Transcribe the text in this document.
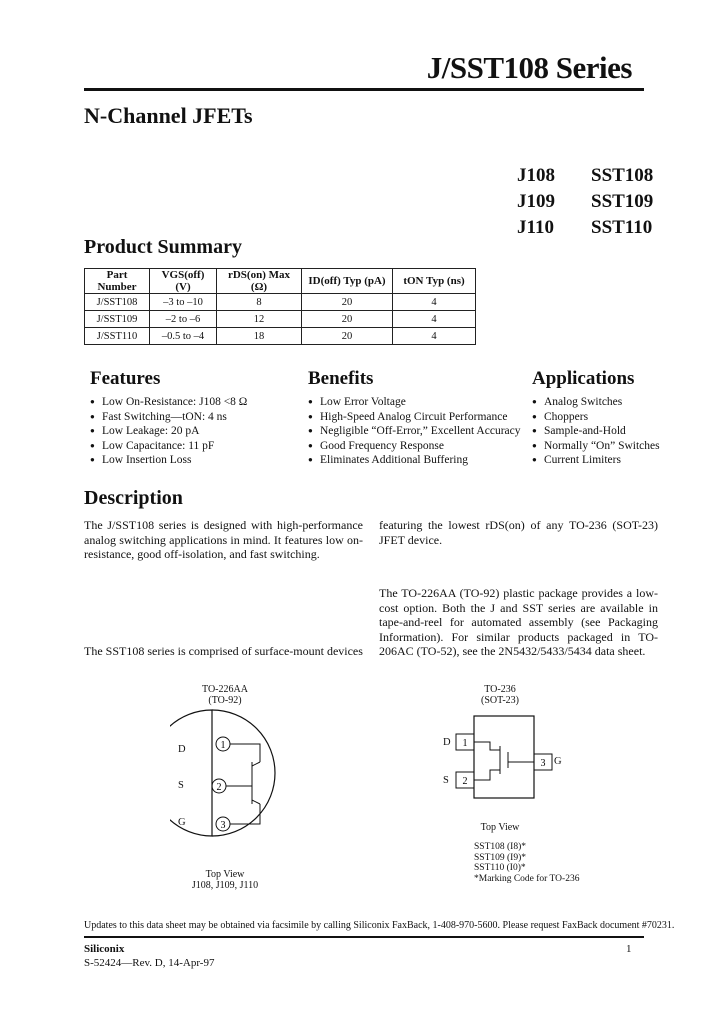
J/SST108 Series
N-Channel JFETs
J108	SST108
J109	SST109
J110	SST110
Product Summary
Part Number	VGS(off) (V)	rDS(on) Max (Ω)	ID(off) Typ (pA)	tON Typ (ns)
J/SST108	–3 to –10	8	20	4
J/SST109	–2 to –6	12	20	4
J/SST110	–0.5 to –4	18	20	4
Features
● Low On-Resistance: J108 <8 Ω
● Fast Switching—tON: 4 ns
● Low Leakage: 20 pA
● Low Capacitance: 11 pF
● Low Insertion Loss
Benefits
● Low Error Voltage
● High-Speed Analog Circuit Performance
● Negligible “Off-Error,” Excellent Accuracy
● Good Frequency Response
● Eliminates Additional Buffering
Applications
● Analog Switches
● Choppers
● Sample-and-Hold
● Normally “On” Switches
● Current Limiters
Description
The J/SST108 series is designed with high-performance analog switching applications in mind. It features low on-resistance, good off-isolation, and fast switching.
The SST108 series is comprised of surface-mount devices
featuring the lowest rDS(on) of any TO-236 (SOT-23) JFET device.
The TO-226AA (TO-92) plastic package provides a low-cost option. Both the J and SST series are available in tape-and-reel for automated assembly (see Packaging Information). For similar products packaged in TO-206AC (TO-52), see the 2N5432/5433/5434 data sheet.
TO-226AA
(TO-92)
1
2
3
D
S
G
Top View
J108, J109, J110
TO-236
(SOT-23)
1
2
3
D
S
G
Top View
SST108 (I8)*
SST109 (I9)*
SST110 (I0)*
*Marking Code for TO-236
Updates to this data sheet may be obtained via facsimile by calling Siliconix FaxBack, 1-408-970-5600. Please request FaxBack document #70231.
Siliconix
S-52424—Rev. D, 14-Apr-97
1
